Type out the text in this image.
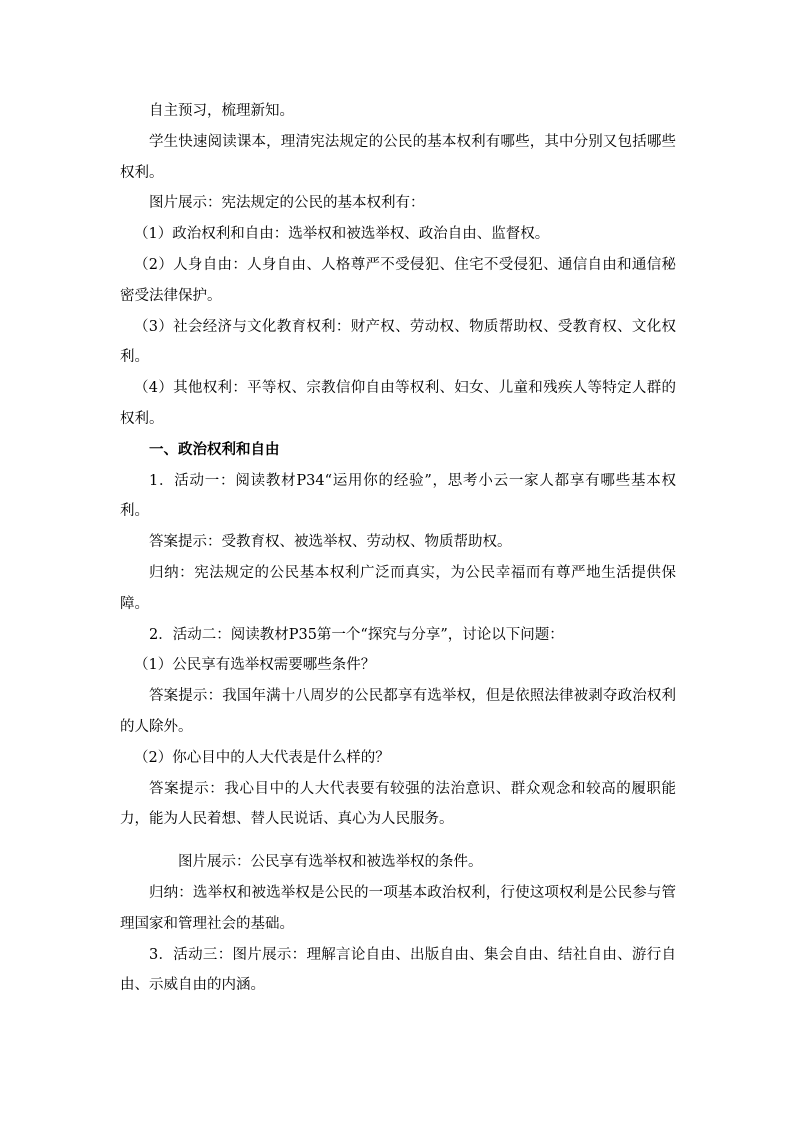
自主预习，梳理新知。

学生快速阅读课本，理清宪法规定的公民的基本权利有哪些，其中分别又包括哪些权利。

图片展示：宪法规定的公民的基本权利有：

（1）政治权利和自由：选举权和被选举权、政治自由、监督权。

（2）人身自由：人身自由、人格尊严不受侵犯、住宅不受侵犯、通信自由和通信秘密受法律保护。

（3）社会经济与文化教育权利：财产权、劳动权、物质帮助权、受教育权、文化权利。

（4）其他权利：平等权、宗教信仰自由等权利、妇女、儿童和残疾人等特定人群的权利。

一、政治权利和自由

1．活动一：阅读教材P34“运用你的经验”，思考小云一家人都享有哪些基本权利。

答案提示：受教育权、被选举权、劳动权、物质帮助权。

归纳：宪法规定的公民基本权利广泛而真实，为公民幸福而有尊严地生活提供保障。

2．活动二：阅读教材P35第一个“探究与分享”，讨论以下问题：

（1）公民享有选举权需要哪些条件？

答案提示：我国年满十八周岁的公民都享有选举权，但是依照法律被剥夺政治权利的人除外。

（2）你心目中的人大代表是什么样的？

答案提示：我心目中的人大代表要有较强的法治意识、群众观念和较高的履职能力，能为人民着想、替人民说话、真心为人民服务。

图片展示：公民享有选举权和被选举权的条件。

归纳：选举权和被选举权是公民的一项基本政治权利，行使这项权利是公民参与管理国家和管理社会的基础。

3．活动三：图片展示：理解言论自由、出版自由、集会自由、结社自由、游行自由、示威自由的内涵。
